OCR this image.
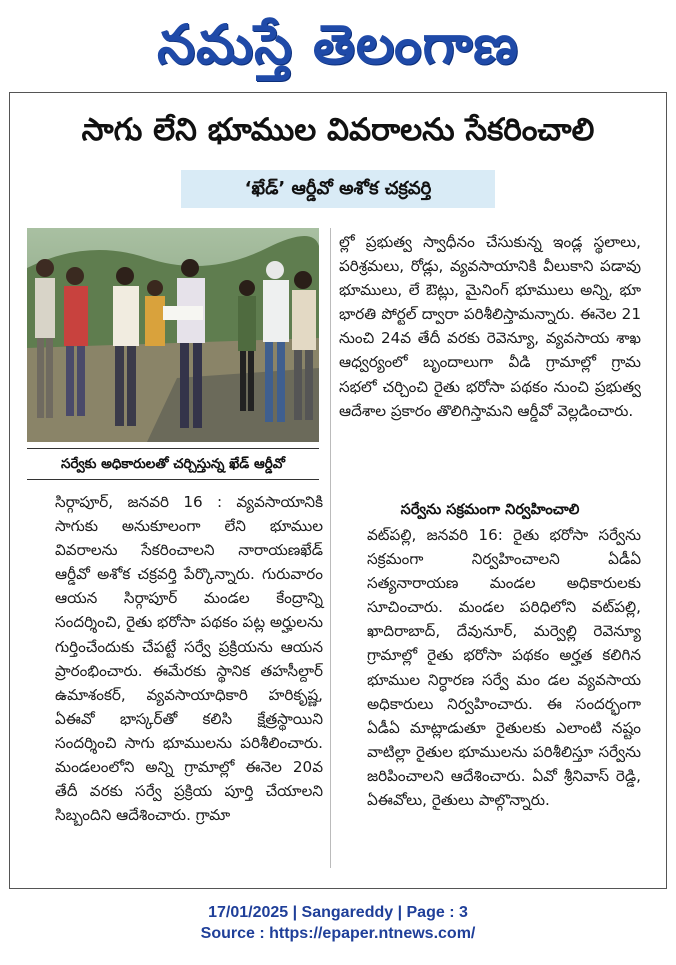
నమస్తే తెలంగాణ
సాగు లేని భూముల వివరాలను సేకరించాలి
‘ఖేడ్’ ఆర్డీవో అశోక చక్రవర్తి
సర్వేకు అధికారులతో చర్చిస్తున్న ఖేడ్ ఆర్డీవో

సిర్గాపూర్, జనవరి 16 : వ్యవసాయానికి సాగుకు అనుకూలంగా లేని భూముల వివరాలను సేకరించాలని నారాయణఖేడ్ ఆర్డీవో అశోక చక్రవర్తి పేర్కొన్నారు. గురువారం ఆయన సిర్గాపూర్ మండల కేంద్రాన్ని సందర్శించి, రైతు భరోసా పథకం పట్ల అర్హులను గుర్తించేందుకు చేపట్టే సర్వే ప్రక్రియను ఆయన ప్రారంభించారు. ఈమేరకు స్థానిక తహసీల్దార్ ఉమాశంకర్, వ్యవసాయాధికారి హరికృష్ణ, ఏఈవో భాస్కర్‌తో కలిసి క్షేత్రస్థాయిని సందర్శించి సాగు భూములను పరిశీలించారు. మండలంలోని అన్ని గ్రామాల్లో ఈనెల 20వ తేదీ వరకు సర్వే ప్రక్రియ పూర్తి చేయాలని సిబ్బందిని ఆదేశించారు. గ్రామా

ల్లో ప్రభుత్వ స్వాధీనం చేసుకున్న ఇండ్ల స్థలాలు, పరిశ్రమలు, రోడ్లు, వ్యవసాయానికి వీలుకాని పడావు భూములు, లే ఔట్లు, మైనింగ్ భూములు అన్ని, భూ భారతి పోర్టల్ ద్వారా పరిశీలిస్తామన్నారు. ఈనెల 21 నుంచి 24వ తేదీ వరకు రెవెన్యూ, వ్యవసాయ శాఖ ఆధ్వర్యంలో బృందాలుగా వీడి గ్రామాల్లో గ్రామ సభలో చర్చించి రైతు భరోసా పథకం నుంచి ప్రభుత్వ ఆదేశాల ప్రకారం తొలిగిస్తామని ఆర్డీవో వెల్లడించారు.

సర్వేను సక్రమంగా నిర్వహించాలి

వట్‌పల్లి, జనవరి 16: రైతు భరోసా సర్వేను సక్రమంగా నిర్వహించాలని ఏడీఏ సత్యనారాయణ మండల అధికారులకు సూచించారు. మండల పరిధిలోని వట్‌పల్లి, ఖాదిరాబాద్, దేవునూర్, మర్వెల్లి రెవెన్యూ గ్రామాల్లో రైతు భరోసా పథకం అర్హత కలిగిన భూముల నిర్ధారణ సర్వే మం డల వ్యవసాయ అధికారులు నిర్వహించారు. ఈ సందర్భంగా ఏడీఏ మాట్లాడుతూ రైతులకు ఎలాంటి నష్టం వాటిల్లా రైతుల భూములను పరిశీలిస్తూ సర్వేను జరిపించాలని ఆదేశించారు. ఏవో శ్రీనివాస్ రెడ్డి, ఏఈవోలు, రైతులు పాల్గొన్నారు.

17/01/2025 | Sangareddy | Page : 3
Source : https://epaper.ntnews.com/
